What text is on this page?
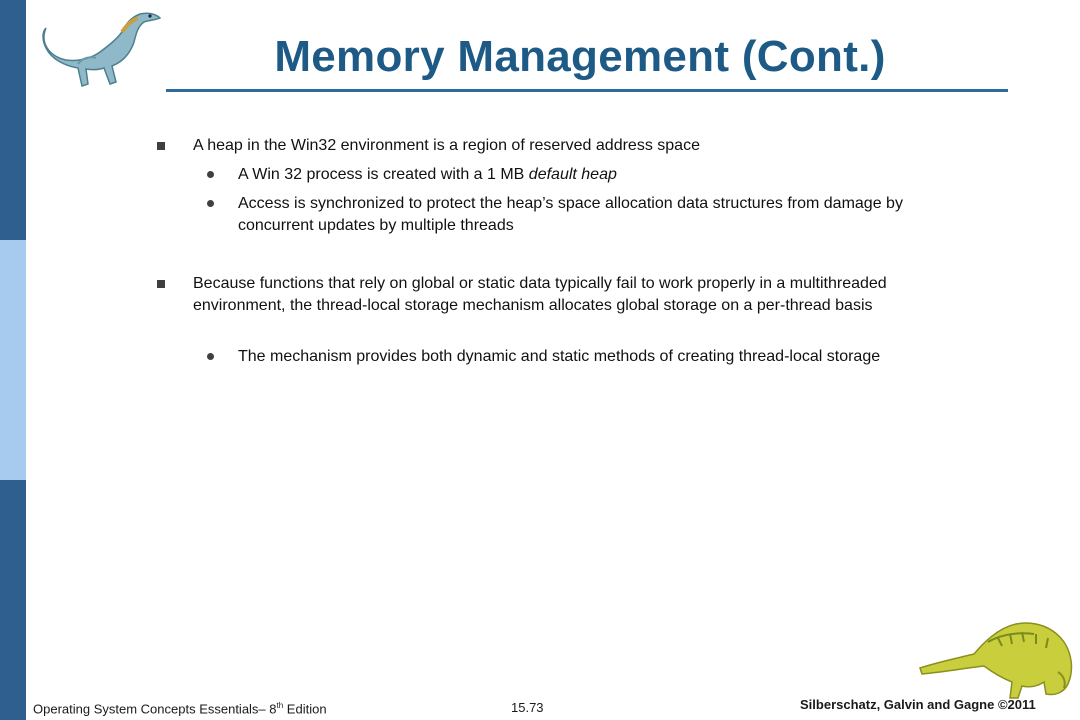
Memory Management (Cont.)
A heap in the Win32 environment is a region of reserved address space
A Win 32 process is created with a 1 MB default heap
Access is synchronized to protect the heap’s space allocation data structures from damage by concurrent updates by multiple threads
Because functions that rely on global or static data typically fail to work properly in a multithreaded environment, the thread-local storage mechanism allocates global storage on a per-thread basis
The mechanism provides both dynamic and static methods of creating thread-local storage
Operating System Concepts Essentials– 8th Edition	15.73	Silberschatz, Galvin and Gagne ©2011
